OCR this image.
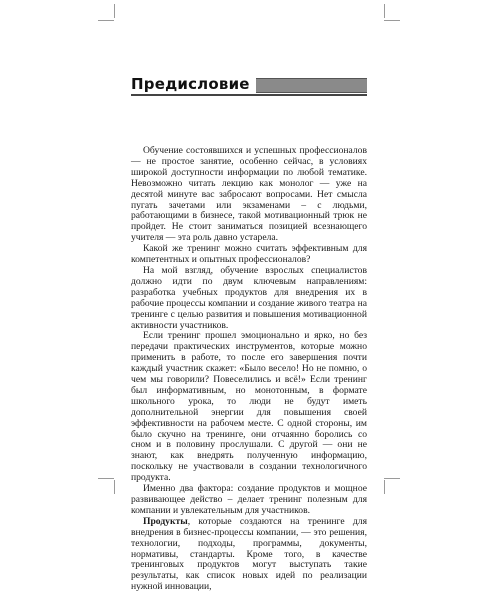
Предисловие

Обучение состоявшихся и успешных профессионалов — не простое занятие, особенно сейчас, в условиях широкой доступности информации по любой тематике. Невозможно читать лекцию как монолог — уже на десятой минуте вас забросают вопросами. Нет смысла пугать зачетами или экзаменами – с людьми, работающими в бизнесе, такой мотивационный трюк не пройдет. Не стоит заниматься позицией всезнающего учителя — эта роль давно устарела.

Какой же тренинг можно считать эффективным для компетентных и опытных профессионалов?

На мой взгляд, обучение взрослых специалистов должно идти по двум ключевым направлениям: разработка учебных продуктов для внедрения их в рабочие процессы компании и создание живого театра на тренинге с целью развития и повышения мотивационной активности участников.

Если тренинг прошел эмоционально и ярко, но без передачи практических инструментов, которые можно применить в работе, то после его завершения почти каждый участник скажет: «Было весело! Но не помню, о чем мы говорили? Повеселились и всё!» Если тренинг был информативным, но монотонным, в формате школьного урока, то люди не будут иметь дополнительной энергии для повышения своей эффективности на рабочем месте. С одной стороны, им было скучно на тренинге, они отчаянно боролись со сном и в половину прослушали. С другой — они не знают, как внедрять полученную информацию, поскольку не участвовали в создании технологичного продукта.

Именно два фактора: создание продуктов и мощное развивающее действо – делает тренинг полезным для компании и увлекательным для участников.

Продукты, которые создаются на тренинге для внедрения в бизнес-процессы компании, — это решения, технологии, подходы, программы, документы, нормативы, стандарты. Кроме того, в качестве тренинговых продуктов могут выступать такие результаты, как список новых идей по реализации нужной инновации,
